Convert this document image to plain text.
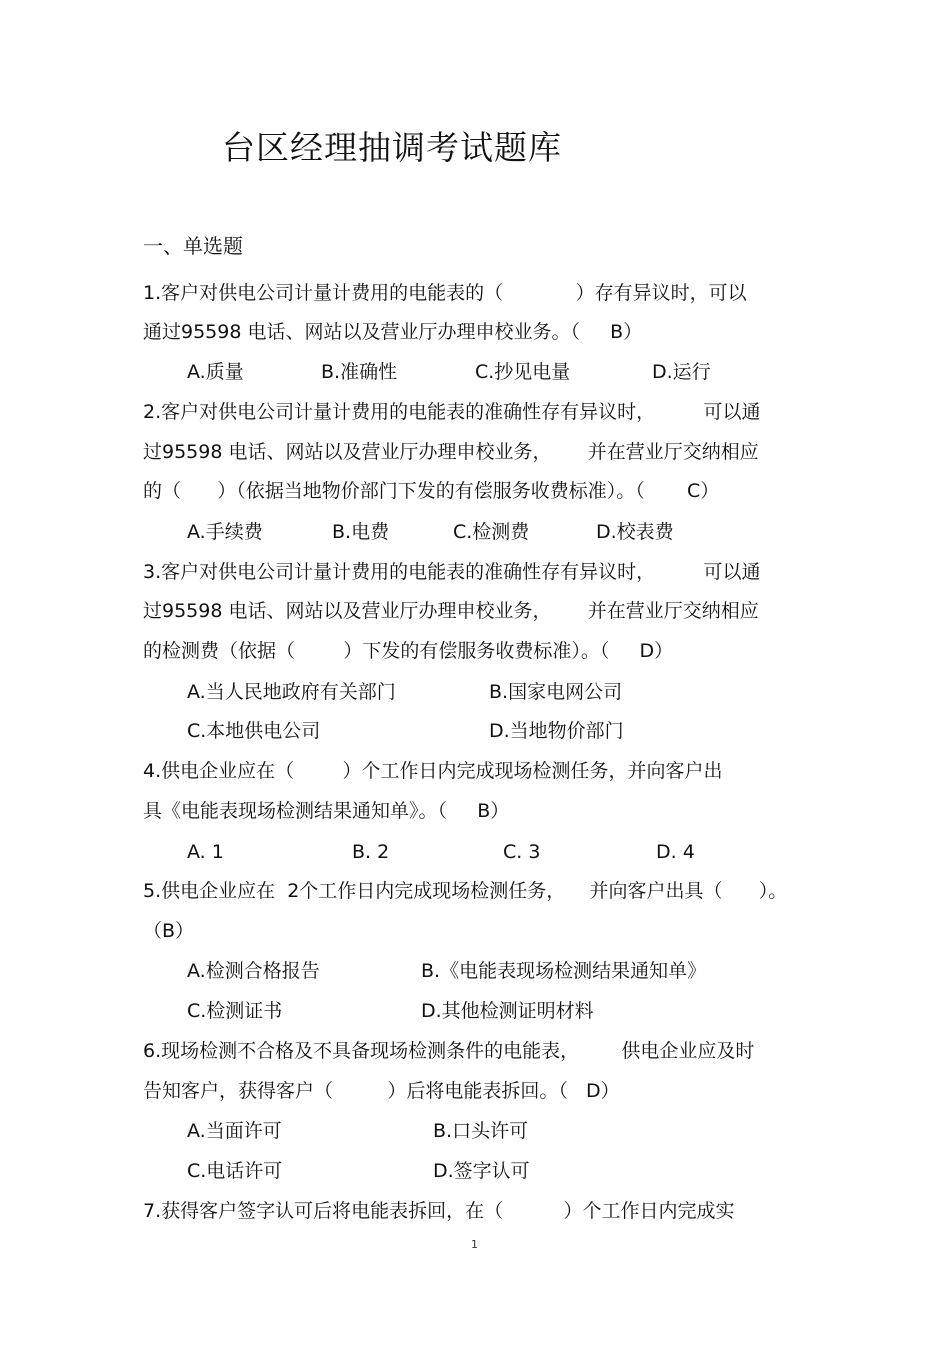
台区经理抽调考试题库
一、单选题
1.客户对供电公司计量计费用的电能表的（            ）存有异议时，可以
通过95598 电话、网站以及营业厅办理申校业务。（     B）
A.质量	B.准确性	C.抄见电量	D.运行
2.客户对供电公司计量计费用的电能表的准确性存有异议时，        可以通
过95598 电话、网站以及营业厅办理申校业务，      并在营业厅交纳相应
的（      ）（依据当地物价部门下发的有偿服务收费标准）。（       C）
A.手续费	B.电费	C.检测费	D.校表费
3.客户对供电公司计量计费用的电能表的准确性存有异议时，        可以通
过95598 电话、网站以及营业厅办理申校业务，      并在营业厅交纳相应
的检测费（依据（        ）下发的有偿服务收费标准）。（     D）
A.当人民地政府有关部门	B.国家电网公司
C.本地供电公司	D.当地物价部门
4.供电企业应在（        ）个工作日内完成现场检测任务，并向客户出
具《电能表现场检测结果通知单》。（     B）
A. 1	B. 2	C. 3	D. 4
5.供电企业应在  2个工作日内完成现场检测任务，    并向客户出具（      ）。
（B）
A.检测合格报告	B.《电能表现场检测结果通知单》
C.检测证书	D.其他检测证明材料
6.现场检测不合格及不具备现场检测条件的电能表，       供电企业应及时
告知客户，获得客户（         ）后将电能表拆回。（   D）
A.当面许可	B.口头许可
C.电话许可	D.签字认可
7.获得客户签字认可后将电能表拆回，在（          ）个工作日内完成实
1
